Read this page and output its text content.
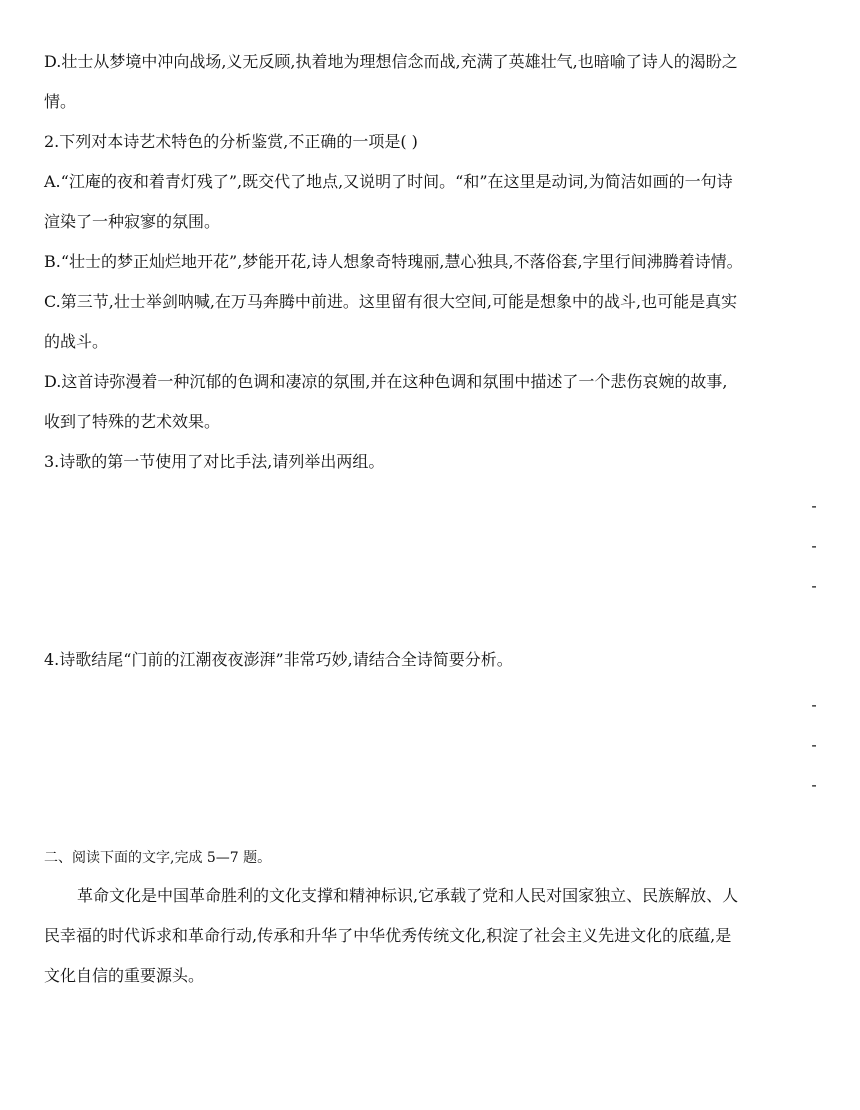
D.壮士从梦境中冲向战场,义无反顾,执着地为理想信念而战,充满了英雄壮气,也暗喻了诗人的渴盼之
情。
2.下列对本诗艺术特色的分析鉴赏,不正确的一项是( )
A.“江庵的夜和着青灯残了”,既交代了地点,又说明了时间。“和”在这里是动词,为简洁如画的一句诗
渲染了一种寂寥的氛围。
B.“壮士的梦正灿烂地开花”,梦能开花,诗人想象奇特瑰丽,慧心独具,不落俗套,字里行间沸腾着诗情。
C.第三节,壮士举剑呐喊,在万马奔腾中前进。这里留有很大空间,可能是想象中的战斗,也可能是真实
的战斗。
D.这首诗弥漫着一种沉郁的色调和凄凉的氛围,并在这种色调和氛围中描述了一个悲伤哀婉的故事,
收到了特殊的艺术效果。
3.诗歌的第一节使用了对比手法,请列举出两组。
-
-
-
4.诗歌结尾“门前的江潮夜夜澎湃”非常巧妙,请结合全诗简要分析。
-
-
-
二、阅读下面的文字,完成 5—7 题。
革命文化是中国革命胜利的文化支撑和精神标识,它承载了党和人民对国家独立、民族解放、人
民幸福的时代诉求和革命行动,传承和升华了中华优秀传统文化,积淀了社会主义先进文化的底蕴,是
文化自信的重要源头。
